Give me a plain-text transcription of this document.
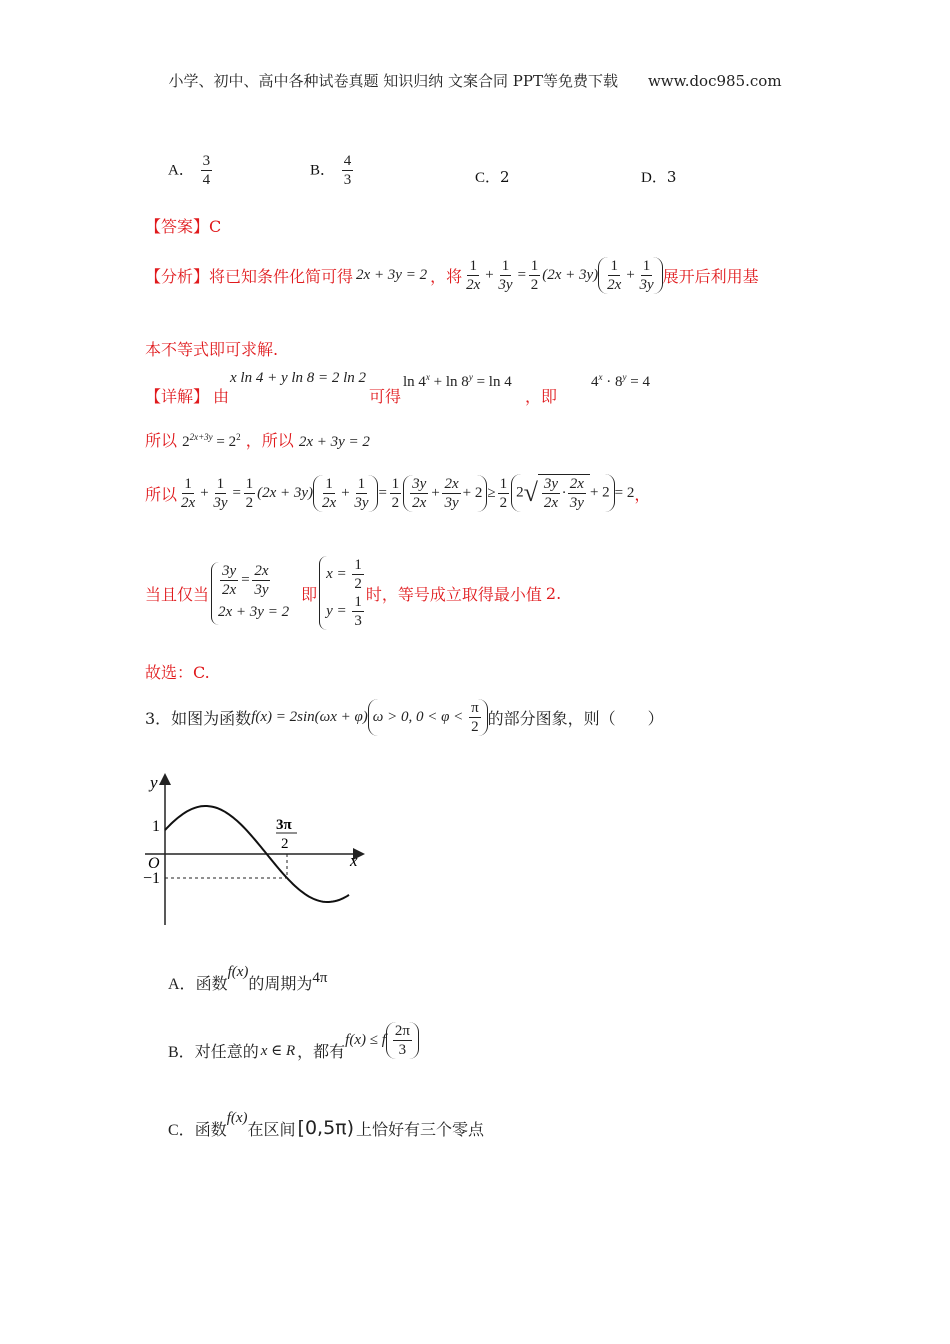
小学、初中、高中各种试卷真题 知识归纳 文案合同 PPT等免费下载　　www.doc985.com
A． $\frac{3}{4}$	B． $\frac{4}{3}$	C．2	D．3
【答案】C
【分析】 将已知条件化简可得 2x + 3y = 2 ，将 $\frac{1}{2x} + \frac{1}{3y} = \frac{1}{2} (2x + 3y) \frac{1}{2x} + \frac{1}{3y}$ 展开后利用基
本不等式即可求解.
【详解】 由
x ln 4 + y ln 8 = 2 ln 2
可得
$\ln 4^x + \ln 8^y = \ln 4$
，即
$4^x \cdot 8^y = 4$
所以 $2^{2x+3y} = 2^2$ ，所以 2x + 3y = 2
所以 $\frac{1}{2x} + \frac{1}{3y} = \frac{1}{2} (2x + 3y) \frac{1}{2x} + \frac{1}{3y} = \frac{1}{2} \frac{3y}{2x} + \frac{2x}{3y} + 2 \ge \frac{1}{2} 2$ √ $\frac{3y}{2x} \cdot \frac{2x}{3y} + 2 = 2$ ，
当且仅当 $\frac{3y}{2x} = \frac{2x}{3y}$
2x + 3y = 2
即
$x = \frac{1}{2}$
$y = \frac{1}{3}$ 时，等号成立取得最小值 2.
故选：C.
3．如图为函数 f(x) = 2sin(ωx + φ) ω > 0, $0 < \varphi < \frac{\pi}{2}$ 的部分图象，则（　　）
y
x
O
1
−1
3π
2
A． 函数
f(x)
的周期为 4π
B． 对任意的 x ∈ R ，都有
f(x) ≤ f $\frac{2\pi}{3}$
C． 函数
f(x)
在区间 [0,5π) 上恰好有三个零点
